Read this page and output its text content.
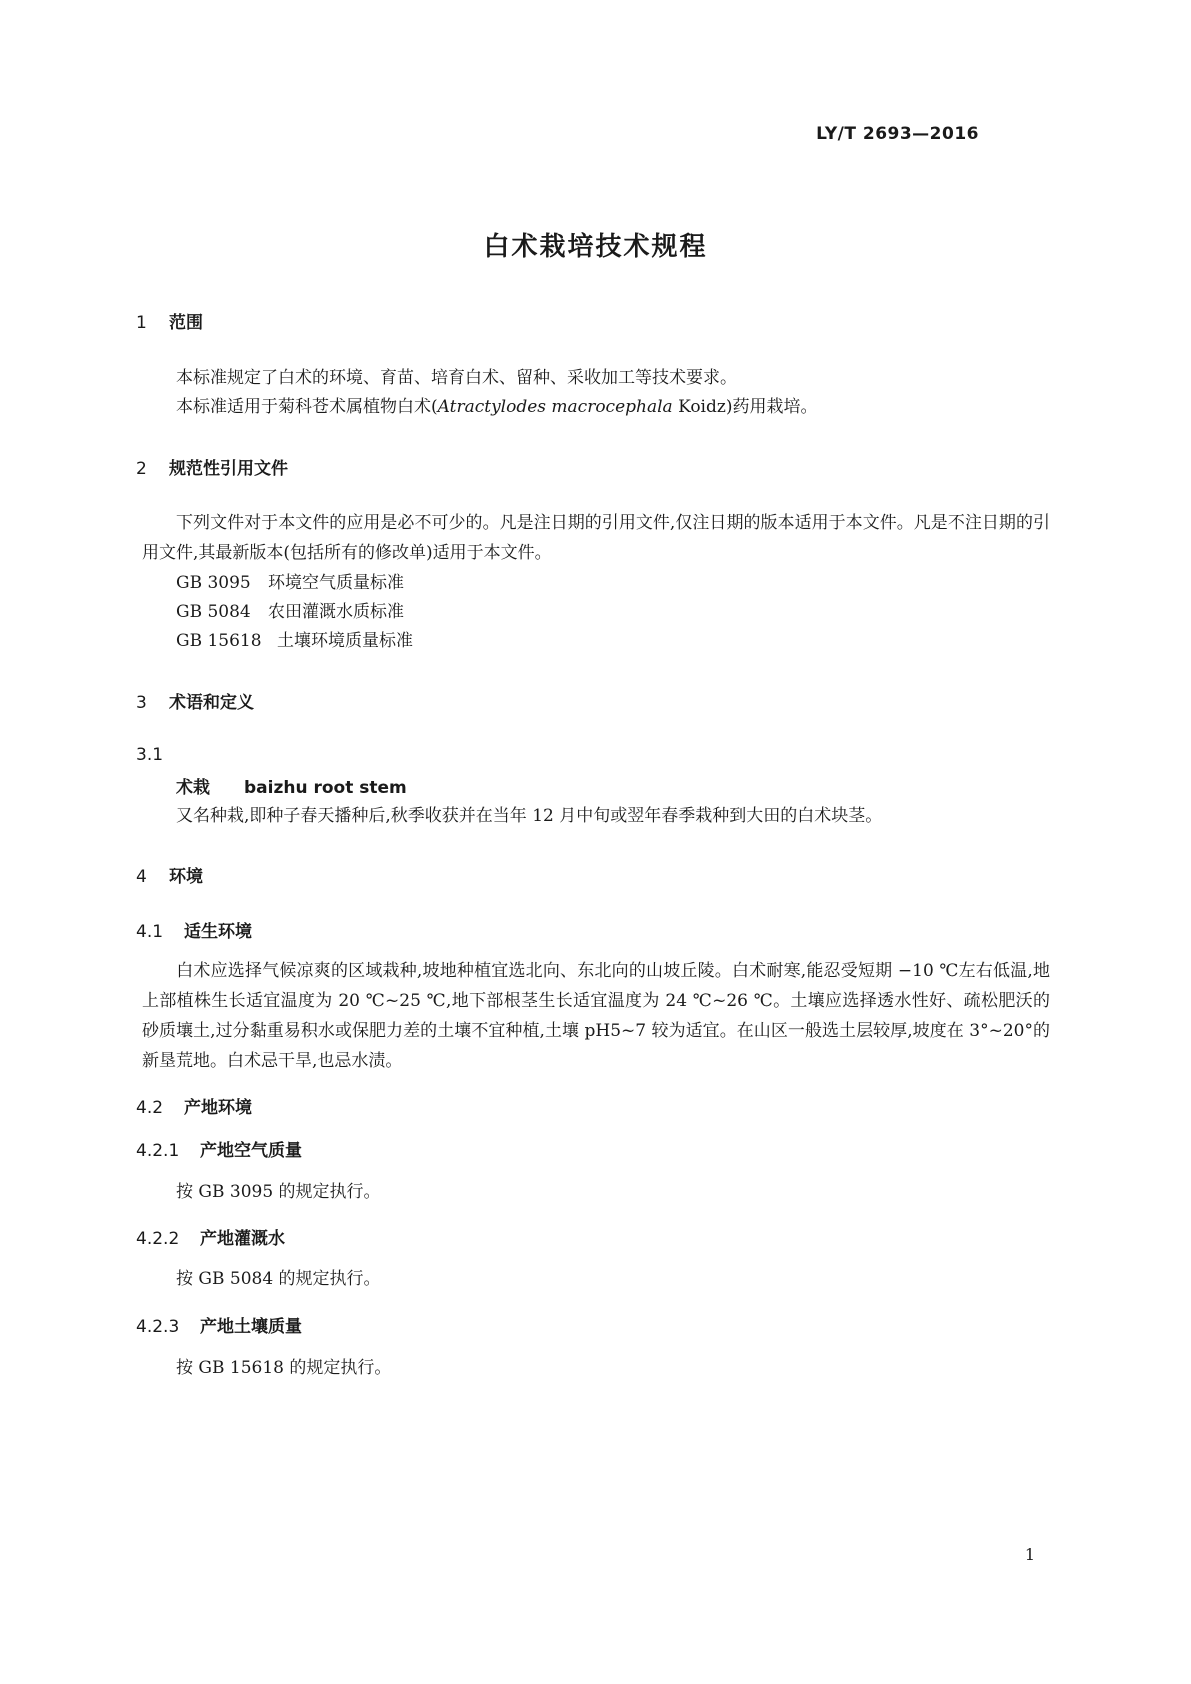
LY/T 2693—2016
白术栽培技术规程
1 范围
本标准规定了白术的环境、育苗、培育白术、留种、采收加工等技术要求。
本标准适用于菊科苍术属植物白术(Atractylodes macrocephala Koidz)药用栽培。
2 规范性引用文件
下列文件对于本文件的应用是必不可少的。凡是注日期的引用文件,仅注日期的版本适用于本文件。凡是不注日期的引用文件,其最新版本(包括所有的修改单)适用于本文件。
GB 3095 环境空气质量标准
GB 5084 农田灌溉水质标准
GB 15618 土壤环境质量标准
3 术语和定义
3.1
术栽 baizhu root stem
又名种栽,即种子春天播种后,秋季收获并在当年 12 月中旬或翌年春季栽种到大田的白术块茎。
4 环境
4.1 适生环境
白术应选择气候凉爽的区域栽种,坡地种植宜选北向、东北向的山坡丘陵。白术耐寒,能忍受短期 −10 ℃左右低温,地上部植株生长适宜温度为 20 ℃~25 ℃,地下部根茎生长适宜温度为 24 ℃~26 ℃。土壤应选择透水性好、疏松肥沃的砂质壤土,过分黏重易积水或保肥力差的土壤不宜种植,土壤 pH5~7 较为适宜。在山区一般选土层较厚,坡度在 3°~20°的新垦荒地。白术忌干旱,也忌水渍。
4.2 产地环境
4.2.1 产地空气质量
按 GB 3095 的规定执行。
4.2.2 产地灌溉水
按 GB 5084 的规定执行。
4.2.3 产地土壤质量
按 GB 15618 的规定执行。
1
